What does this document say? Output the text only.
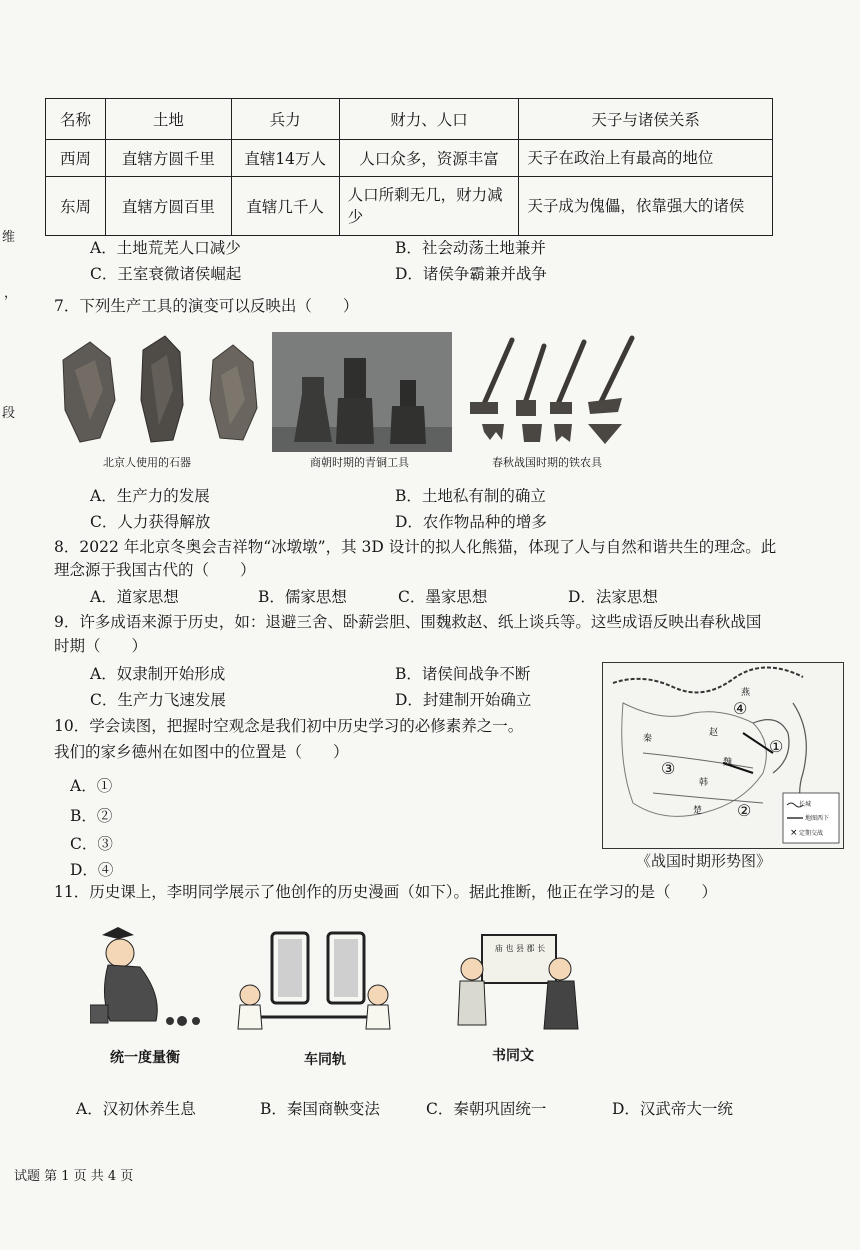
维
，
段
名称	土地	兵力	财力、人口	天子与诸侯关系
西周	直辖方圆千里	直辖14万人	人口众多，资源丰富	天子在政治上有最高的地位
东周	直辖方圆百里	直辖几千人	人口所剩无几，财力减少	天子成为傀儡，依靠强大的诸侯
A．土地荒芜人口减少	B．社会动荡土地兼并
C．王室衰微诸侯崛起	D．诸侯争霸兼并战争
7．下列生产工具的演变可以反映出（　　）
北京人使用的石器	商朝时期的青铜工具	春秋战国时期的铁农具
A．生产力的发展	B．土地私有制的确立
C．人力获得解放	D．农作物品种的增多
8．2022 年北京冬奥会吉祥物“冰墩墩”，其 3D 设计的拟人化熊猫，体现了人与自然和谐共生的理念。此
理念源于我国古代的（　　）
A．道家思想	B．儒家思想	C．墨家思想	D．法家思想
9．许多成语来源于历史，如：退避三舍、卧薪尝胆、围魏救赵、纸上谈兵等。这些成语反映出春秋战国
时期（　　）
A．奴隶制开始形成	B．诸侯间战争不断
C．生产力飞速发展	D．封建制开始确立
10．学会读图，把握时空观念是我们初中历史学习的必修素养之一。
我们的家乡德州在如图中的位置是（　　）
A．①
B．②
C．③
D．④
×
④
①
③
②
燕
赵
魏
秦
韩
楚
长城
地图西下
定期交战
《战国时期形势图》
11．历史课上，李明同学展示了他创作的历史漫画（如下）。据此推断，他正在学习的是（　　）
统一度量衡	车同轨
庙 也 县 郡 长
书同文
A．汉初休养生息	B．秦国商鞅变法	C．秦朝巩固统一	D．汉武帝大一统
试题 第 1 页 共 4 页
